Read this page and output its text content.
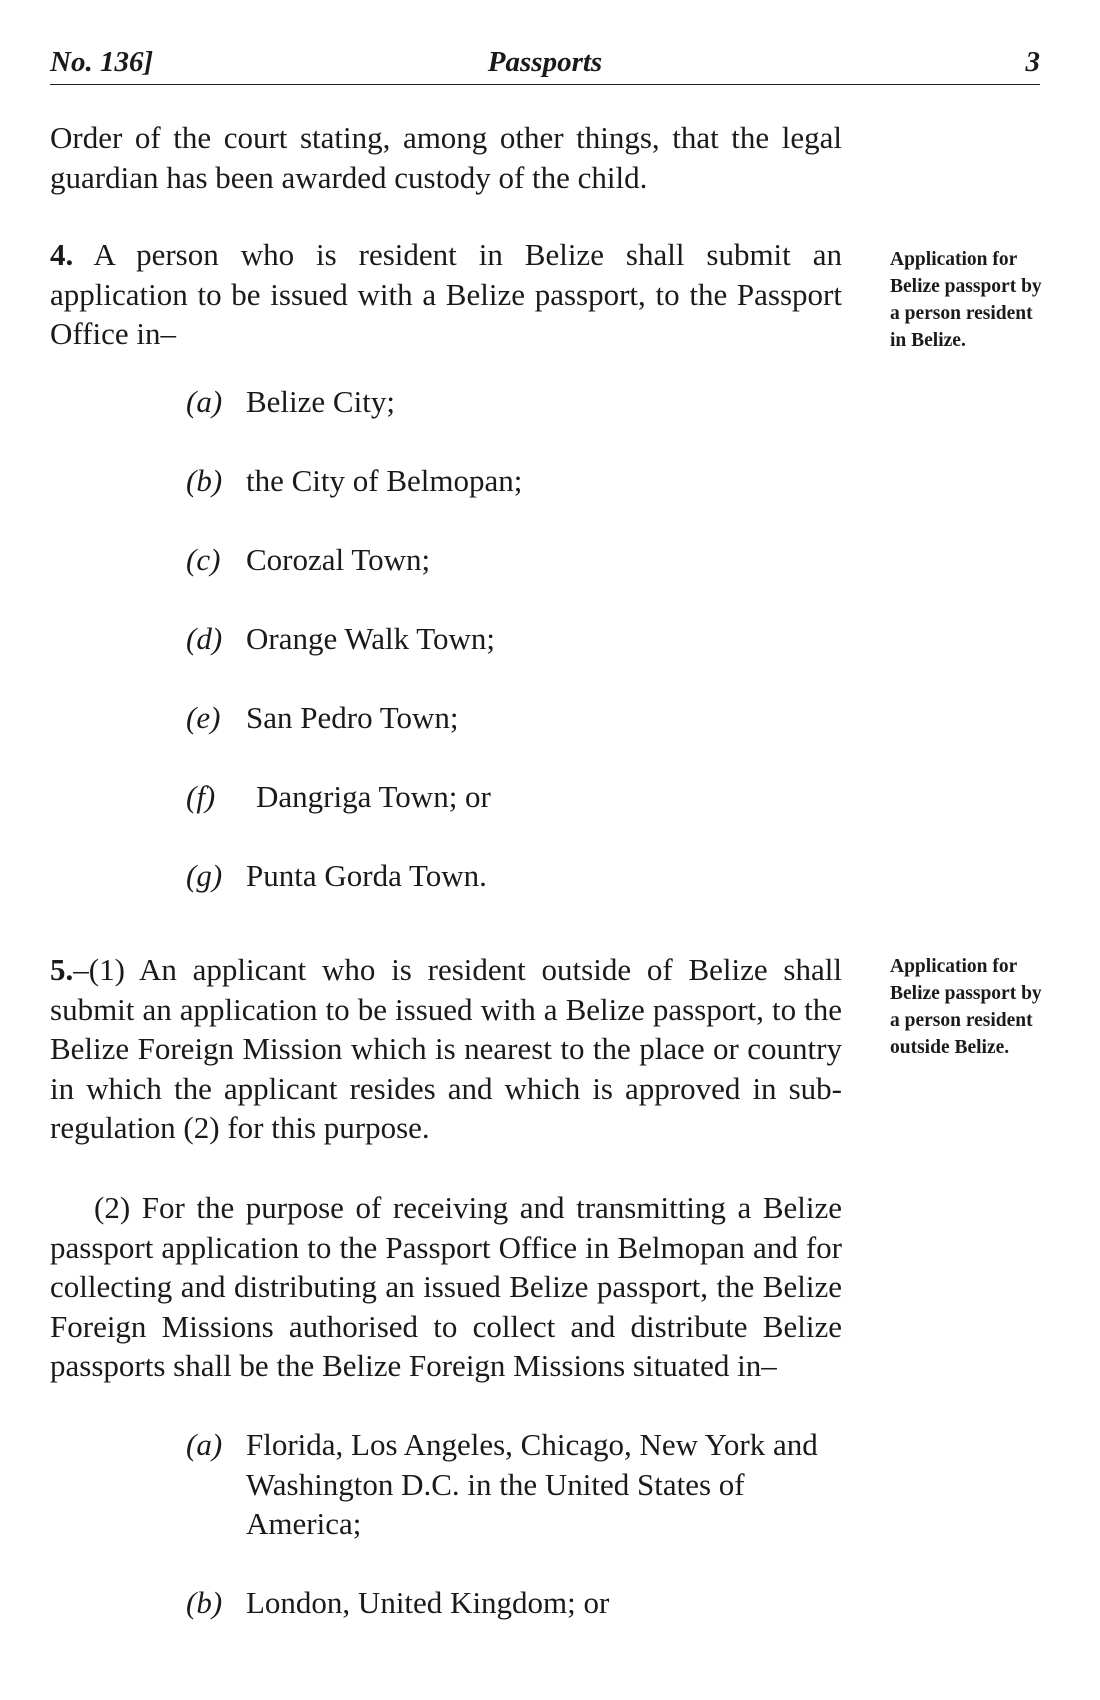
No. 136]	Passports	3

Order of the court stating, among other things, that the legal guardian has been awarded custody of the child.

4. A person who is resident in Belize shall submit an application to be issued with a Belize passport, to the Passport Office in–

Application for Belize passport by a person resident in Belize.

(a) Belize City;
(b) the City of Belmopan;
(c) Corozal Town;
(d) Orange Walk Town;
(e) San Pedro Town;
(f) Dangriga Town; or
(g) Punta Gorda Town.

5.–(1) An applicant who is resident outside of Belize shall submit an application to be issued with a Belize passport, to the Belize Foreign Mission which is nearest to the place or country in which the applicant resides and which is approved in sub-regulation (2) for this purpose.

Application for Belize passport by a person resident outside Belize.

(2) For the purpose of receiving and transmitting a Belize passport application to the Passport Office in Belmopan and for collecting and distributing an issued Belize passport, the Belize Foreign Missions authorised to collect and distribute Belize passports shall be the Belize Foreign Missions situated in–

(a) Florida, Los Angeles, Chicago, New York and Washington D.C. in the United States of America;
(b) London, United Kingdom; or
